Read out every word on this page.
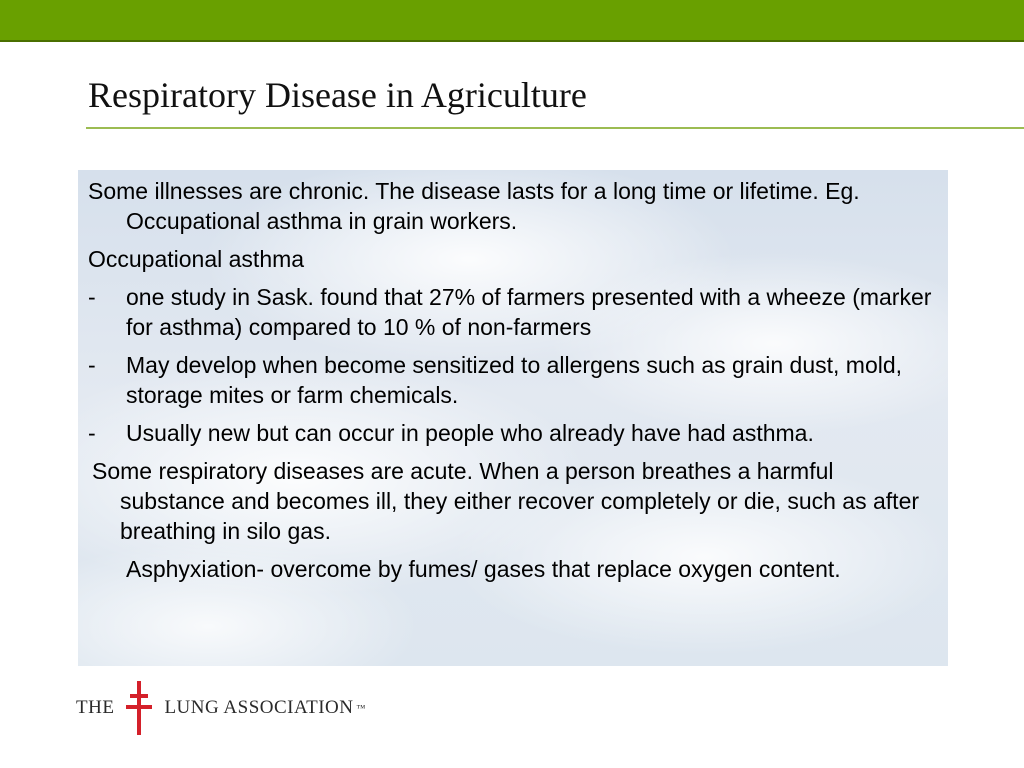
Respiratory Disease in Agriculture
Some illnesses are chronic. The disease lasts for a long time or lifetime. Eg. Occupational asthma in grain workers.
Occupational asthma
-	one study in Sask. found that 27% of farmers presented with a wheeze (marker for asthma) compared to 10 % of non-farmers
-	May develop when become sensitized to allergens such as grain dust, mold, storage mites or farm chemicals.
-	Usually new but can occur in people who already have had asthma.
Some respiratory diseases are acute. When a person breathes a harmful substance and becomes ill, they either recover completely or die, such as after breathing in silo gas.
Asphyxiation- overcome by fumes/ gases that replace oxygen content.
THE	LUNG ASSOCIATION ™
